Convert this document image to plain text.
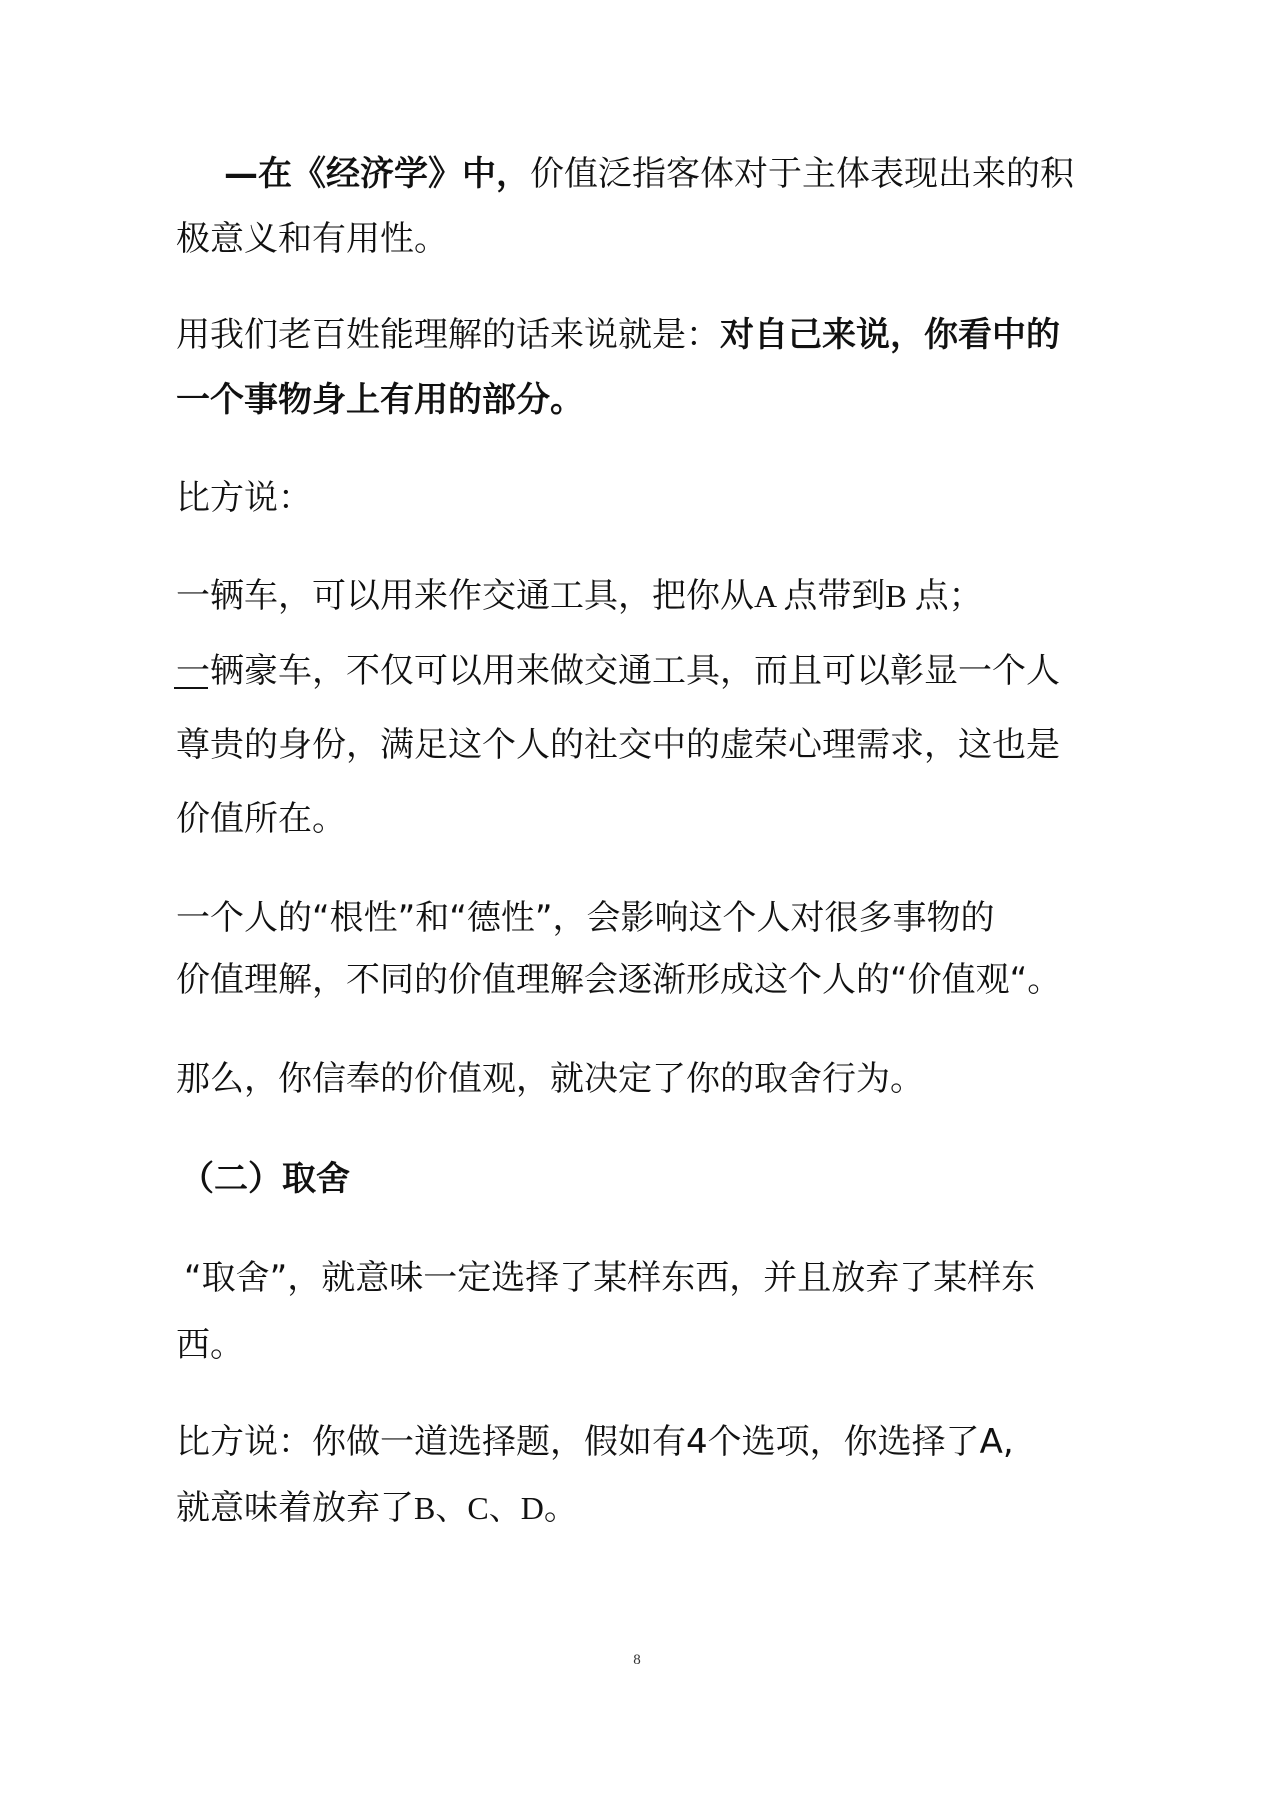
—在《经济学》中，价值泛指客体对于主体表现出来的积
极意义和有用性。
用我们老百姓能理解的话来说就是：对自己来说，你看中的
一个事物身上有用的部分。
比方说：
一辆车，可以用来作交通工具，把你从A 点带到B 点；
一辆豪车，不仅可以用来做交通工具，而且可以彰显一个人
尊贵的身份，满足这个人的社交中的虚荣心理需求，这也是
价值所在。
一个人的“根性”和“德性”，会影响这个人对很多事物的
价值理解，不同的价值理解会逐渐形成这个人的“价值观“。
那么，你信奉的价值观，就决定了你的取舍行为。
（二）取舍
“取舍”，就意味一定选择了某样东西，并且放弃了某样东
西。
比方说：你做一道选择题，假如有4个选项，你选择了A,
就意味着放弃了B、C、D。
8
